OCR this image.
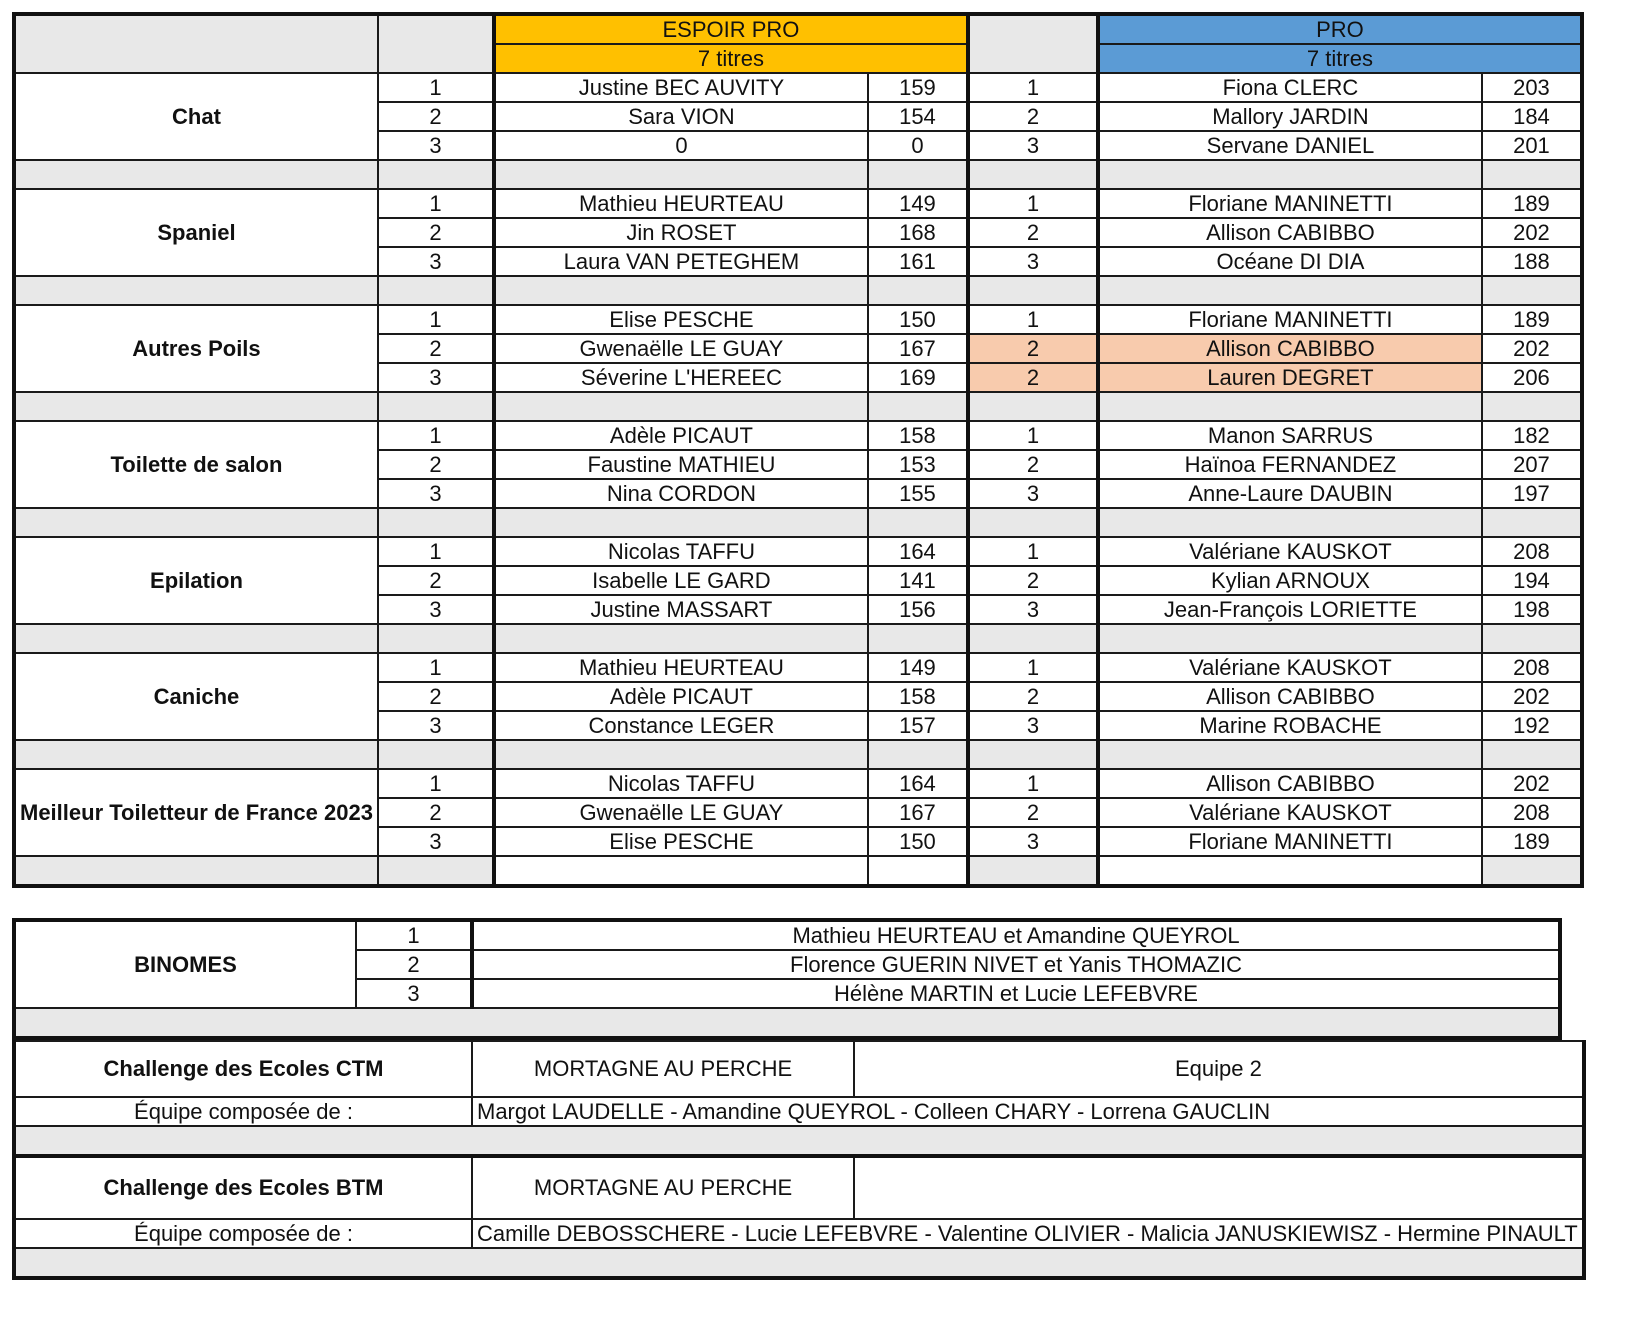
		ESPOIR PRO			PRO	
		7 titres			7 titres	
Chat	1	Justine BEC AUVITY	159	1	Fiona CLERC	203
	2	Sara VION	154	2	Mallory JARDIN	184
	3	0	0	3	Servane DANIEL	201

Spaniel	1	Mathieu HEURTEAU	149	1	Floriane MANINETTI	189
	2	Jin ROSET	168	2	Allison CABIBBO	202
	3	Laura VAN PETEGHEM	161	3	Océane DI DIA	188

Autres Poils	1	Elise PESCHE	150	1	Floriane MANINETTI	189
	2	Gwenaëlle LE GUAY	167	2	Allison CABIBBO	202
	3	Séverine L'HEREEC	169	2	Lauren DEGRET	206

Toilette de salon	1	Adèle PICAUT	158	1	Manon SARRUS	182
	2	Faustine MATHIEU	153	2	Haïnoa FERNANDEZ	207
	3	Nina CORDON	155	3	Anne-Laure DAUBIN	197

Epilation	1	Nicolas TAFFU	164	1	Valériane KAUSKOT	208
	2	Isabelle LE GARD	141	2	Kylian ARNOUX	194
	3	Justine MASSART	156	3	Jean-François LORIETTE	198

Caniche	1	Mathieu HEURTEAU	149	1	Valériane KAUSKOT	208
	2	Adèle PICAUT	158	2	Allison CABIBBO	202
	3	Constance LEGER	157	3	Marine ROBACHE	192

Meilleur Toiletteur de France 2023	1	Nicolas TAFFU	164	1	Allison CABIBBO	202
	2	Gwenaëlle LE GUAY	167	2	Valériane KAUSKOT	208
	3	Elise PESCHE	150	3	Floriane MANINETTI	189

BINOMES	1	Mathieu HEURTEAU et Amandine QUEYROL
	2	Florence GUERIN NIVET et Yanis THOMAZIC
	3	Hélène MARTIN et Lucie LEFEBVRE

Challenge des Ecoles CTM	MORTAGNE AU PERCHE	Equipe 2
Équipe composée de :	Margot LAUDELLE - Amandine QUEYROL - Colleen CHARY - Lorrena GAUCLIN	

Challenge des Ecoles BTM	MORTAGNE AU PERCHE	
Équipe composée de :	Camille DEBOSSCHERE - Lucie LEFEBVRE - Valentine OLIVIER - Malicia JANUSKIEWISZ - Hermine PINAULT	
